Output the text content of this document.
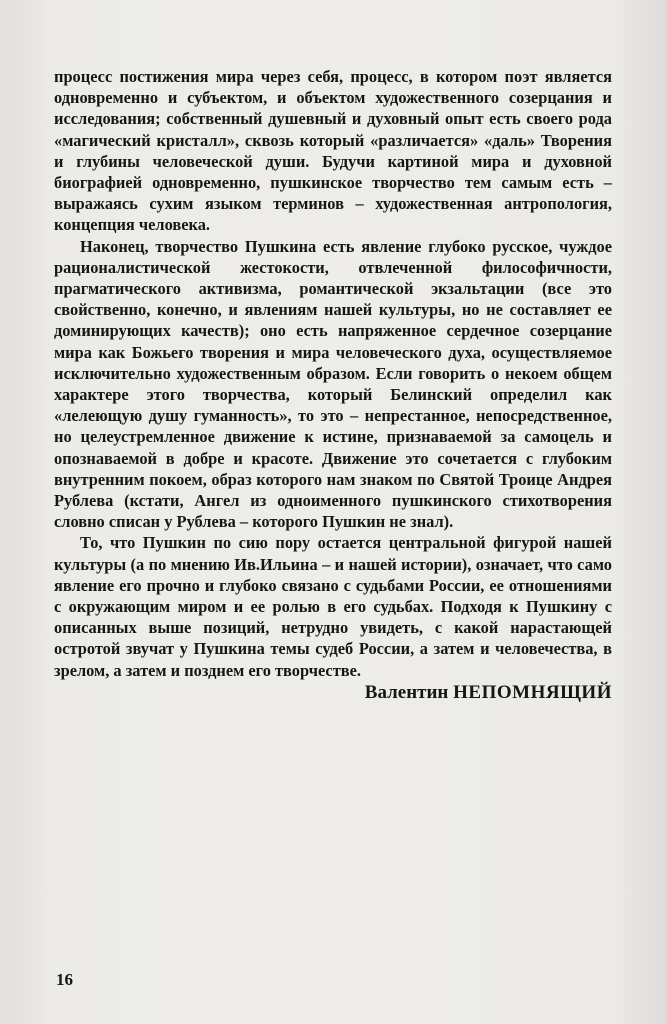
процесс постижения мира через себя, процесс, в котором поэт является одновременно и субъектом, и объектом художественного созерцания и исследования; собственный душевный и духовный опыт есть своего рода «магический кристалл», сквозь который «различается» «даль» Творения и глубины человеческой души. Будучи картиной мира и духовной биографией одновременно, пушкинское творчество тем самым есть – выражаясь сухим языком терминов – художественная антропология, концепция человека.

Наконец, творчество Пушкина есть явление глубоко русское, чуждое рационалистической жестокости, отвлеченной философичности, прагматического активизма, романтической экзальтации (все это свойственно, конечно, и явлениям нашей культуры, но не составляет ее доминирующих качеств); оно есть напряженное сердечное созерцание мира как Божьего творения и мира человеческого духа, осуществляемое исключительно художественным образом. Если говорить о некоем общем характере этого творчества, который Белинский определил как «лелеющую душу гуманность», то это – непрестанное, непосредственное, но целеустремленное движение к истине, признаваемой за самоцель и опознаваемой в добре и красоте. Движение это сочетается с глубоким внутренним покоем, образ которого нам знаком по Святой Троице Андрея Рублева (кстати, Ангел из одноименного пушкинского стихотворения словно списан у Рублева – которого Пушкин не знал).

То, что Пушкин по сию пору остается центральной фигурой нашей культуры (а по мнению Ив.Ильина – и нашей истории), означает, что само явление его прочно и глубоко связано с судьбами России, ее отношениями с окружающим миром и ее ролью в его судьбах. Подходя к Пушкину с описанных выше позиций, нетрудно увидеть, с какой нарастающей остротой звучат у Пушкина темы судеб России, а затем и человечества, в зрелом, а затем и позднем его творчестве.

Валентин НЕПОМНЯЩИЙ

16
